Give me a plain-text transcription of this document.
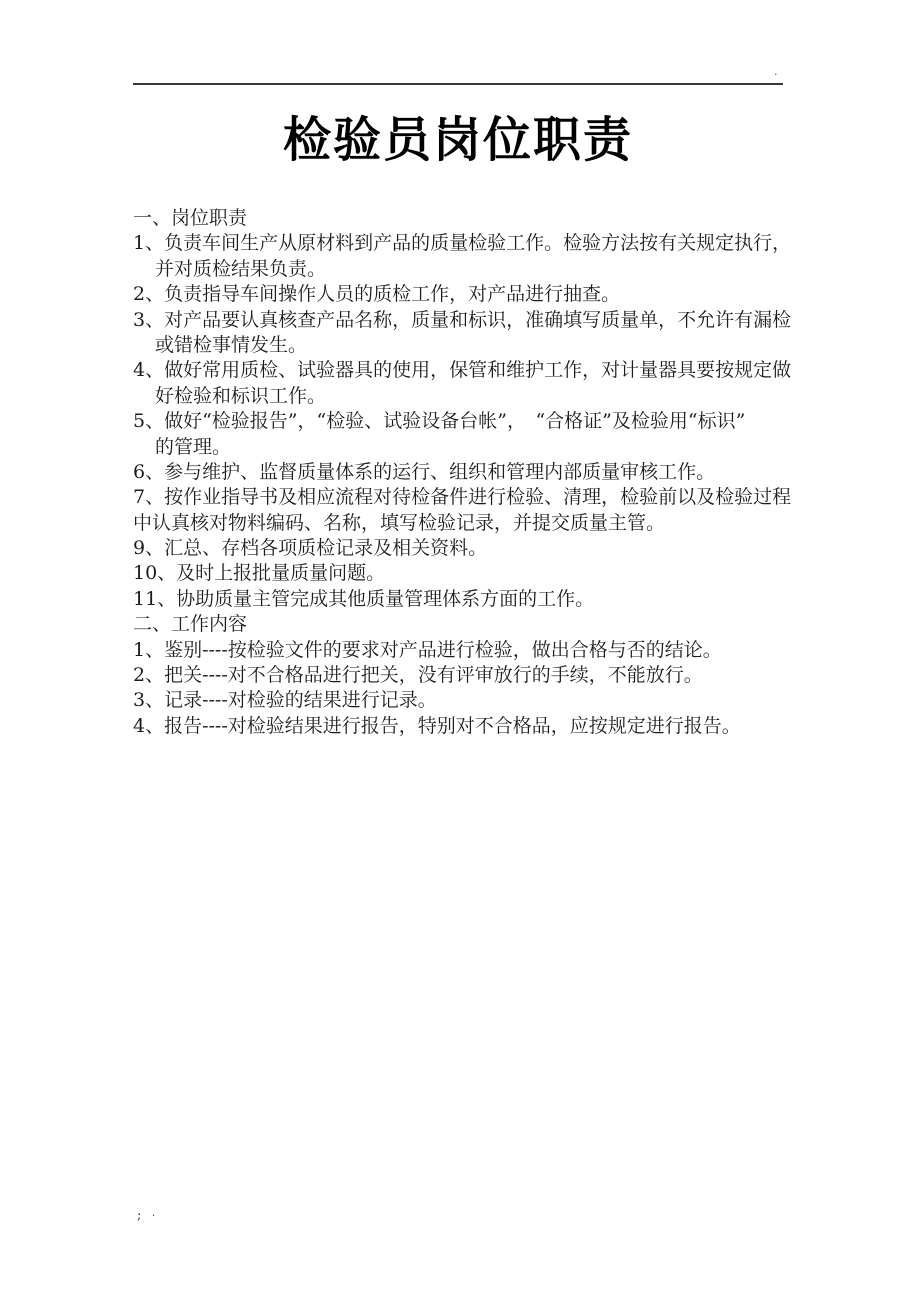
.
检验员岗位职责
一、岗位职责
1、负责车间生产从原材料到产品的质量检验工作。检验方法按有关规定执行，
并对质检结果负责。
2、负责指导车间操作人员的质检工作，对产品进行抽查。
3、对产品要认真核查产品名称，质量和标识，准确填写质量单，不允许有漏检
或错检事情发生。
4、做好常用质检、试验器具的使用，保管和维护工作，对计量器具要按规定做
好检验和标识工作。
5、做好“检验报告”，“检验、试验设备台帐”，　“合格证”及检验用“标识”
的管理。
6、参与维护、监督质量体系的运行、组织和管理内部质量审核工作。
7、按作业指导书及相应流程对待检备件进行检验、清理，检验前以及检验过程
中认真核对物料编码、名称，填写检验记录，并提交质量主管。
9、汇总、存档各项质检记录及相关资料。
10、及时上报批量质量问题。
11、协助质量主管完成其他质量管理体系方面的工作。
二、工作内容
1、鉴别----按检验文件的要求对产品进行检验，做出合格与否的结论。
2、把关----对不合格品进行把关，没有评审放行的手续，不能放行。
3、记录----对检验的结果进行记录。
4、报告----对检验结果进行报告，特别对不合格品，应按规定进行报告。
; ·
